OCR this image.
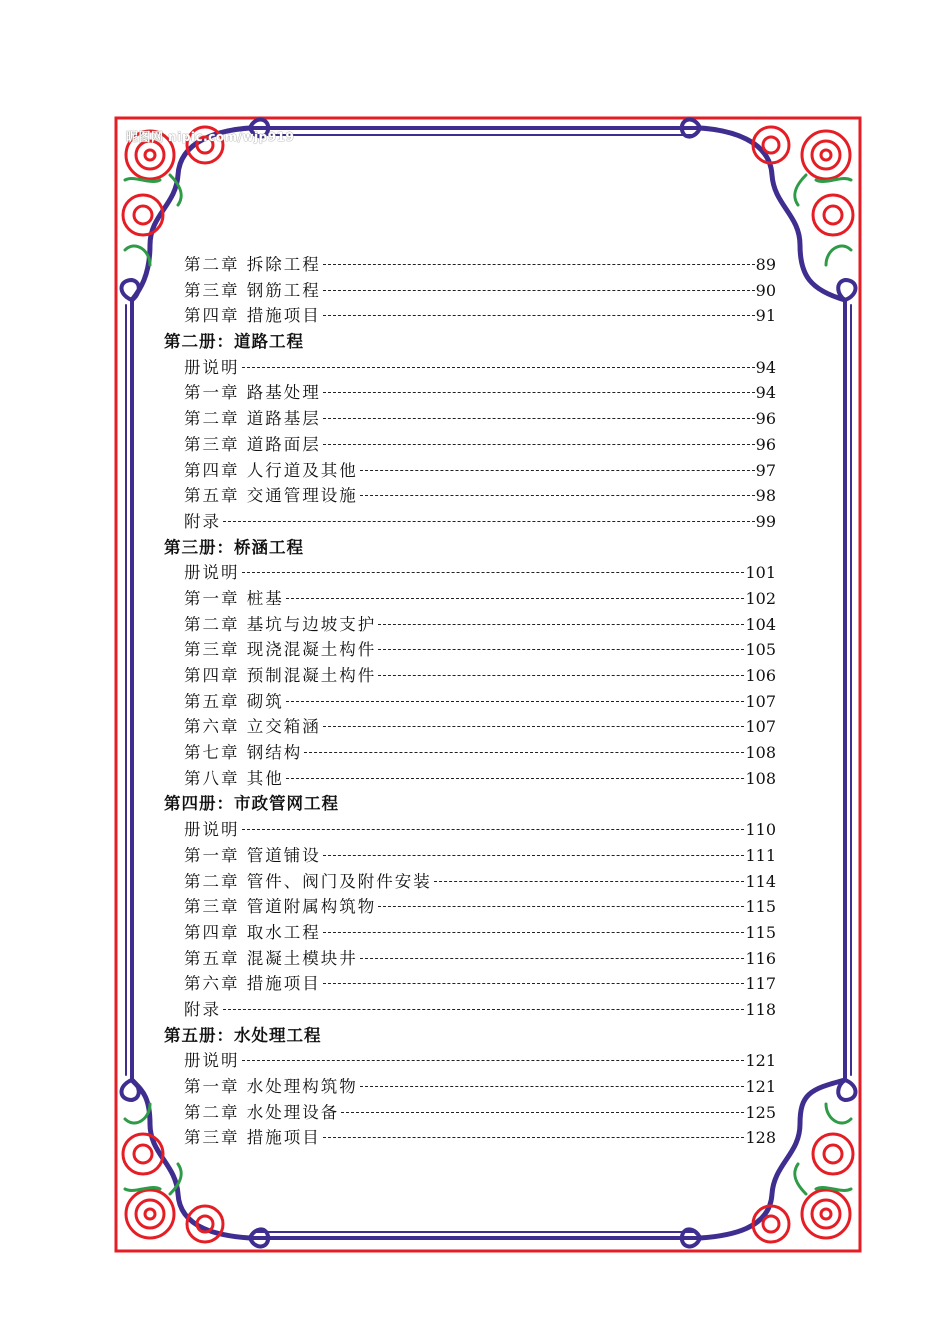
昵图网 nipic.com/wjp919
第二章 拆除工程	89
第三章 钢筋工程	90
第四章 措施项目	91
第二册：道路工程
册说明	94
第一章 路基处理	94
第二章 道路基层	96
第三章 道路面层	96
第四章 人行道及其他	97
第五章 交通管理设施	98
附录	99
第三册：桥涵工程
册说明	101
第一章 桩基	102
第二章 基坑与边坡支护	104
第三章 现浇混凝土构件	105
第四章 预制混凝土构件	106
第五章 砌筑	107
第六章 立交箱涵	107
第七章 钢结构	108
第八章 其他	108
第四册：市政管网工程
册说明	110
第一章 管道铺设	111
第二章 管件、阀门及附件安装	114
第三章 管道附属构筑物	115
第四章 取水工程	115
第五章 混凝土模块井	116
第六章 措施项目	117
附录	118
第五册：水处理工程
册说明	121
第一章 水处理构筑物	121
第二章 水处理设备	125
第三章 措施项目	128
